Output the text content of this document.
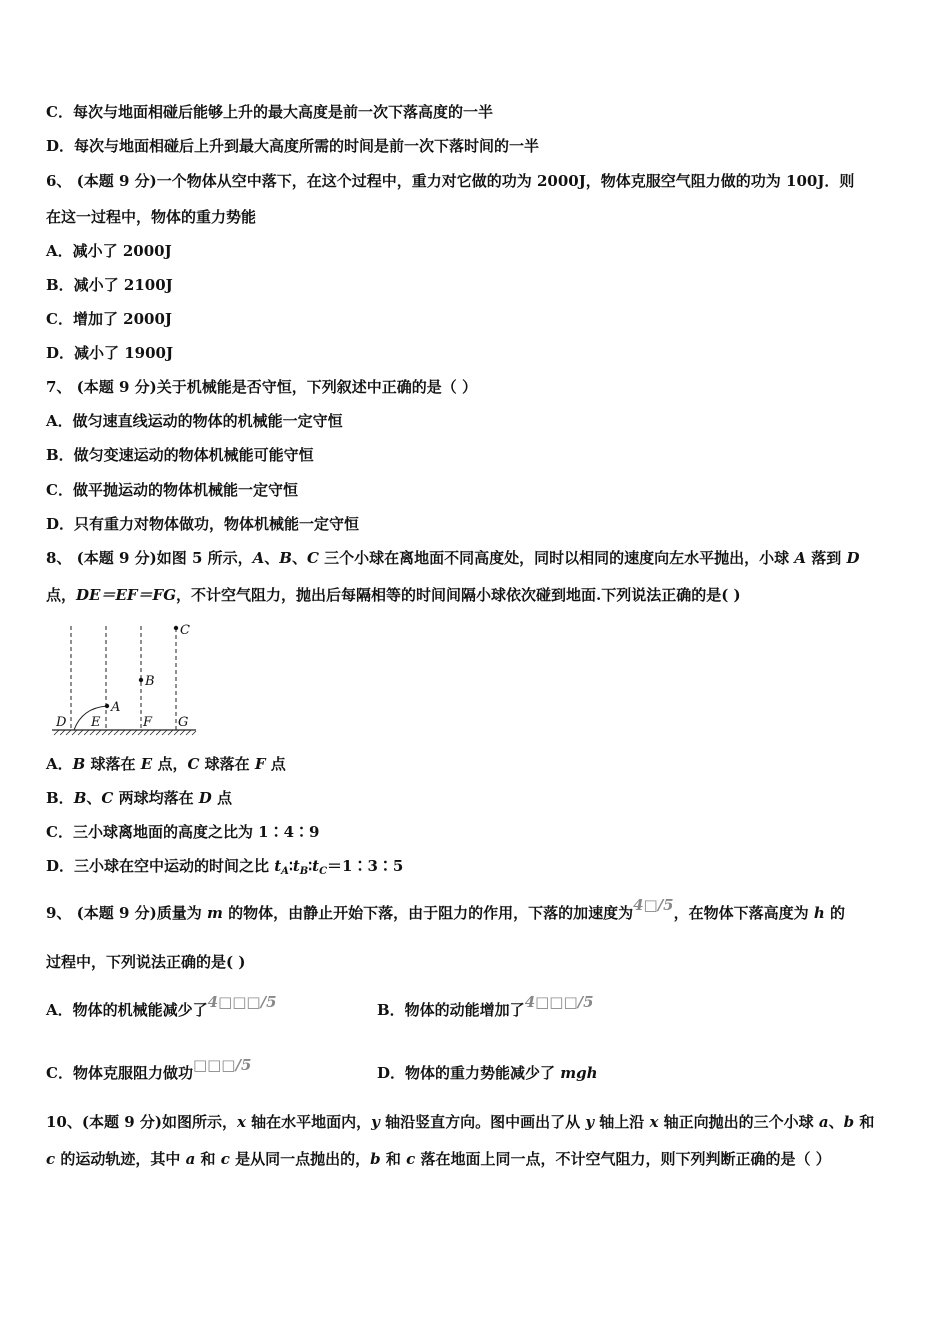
C．每次与地面相碰后能够上升的最大高度是前一次下落高度的一半
D．每次与地面相碰后上升到最大高度所需的时间是前一次下落时间的一半
6、 (本题 9 分)一个物体从空中落下，在这个过程中，重力对它做的功为 2000J，物体克服空气阻力做的功为 100J．则
在这一过程中，物体的重力势能
A．减小了 2000J
B．减小了 2100J
C．增加了 2000J
D．减小了 1900J
7、 (本题 9 分)关于机械能是否守恒，下列叙述中正确的是（ ）
A．做匀速直线运动的物体的机械能一定守恒
B．做匀变速运动的物体机械能可能守恒
C．做平抛运动的物体机械能一定守恒
D．只有重力对物体做功，物体机械能一定守恒
8、 (本题 9 分)如图 5 所示，A、B、C 三个小球在离地面不同高度处，同时以相同的速度向左水平抛出，小球 A 落到 D
点，DE＝EF＝FG，不计空气阻力，抛出后每隔相等的时间间隔小球依次碰到地面.下列说法正确的是( )
C
B
A
D E	F G
A．B 球落在 E 点，C 球落在 F 点
B．B、C 两球均落在 D 点
C．三小球离地面的高度之比为 1∶4∶9
D．三小球在空中运动的时间之比 $t_A∶t_B∶t_C=1∶3∶5$
9、 (本题 9 分)质量为 m 的物体，由静止开始下落，由于阻力的作用，下落的加速度为4□/5，在物体下落高度为 h 的
过程中，下列说法正确的是( )
A．物体的机械能减少了4□□□/5	B．物体的动能增加了4□□□/5
C．物体克服阻力做功□□□/5	D．物体的重力势能减少了 mgh
10、(本题 9 分)如图所示，x 轴在水平地面内，y 轴沿竖直方向。图中画出了从 y 轴上沿 x 轴正向抛出的三个小球 a、b 和
c 的运动轨迹，其中 a 和 c 是从同一点抛出的，b 和 c 落在地面上同一点，不计空气阻力，则下列判断正确的是（ ）
